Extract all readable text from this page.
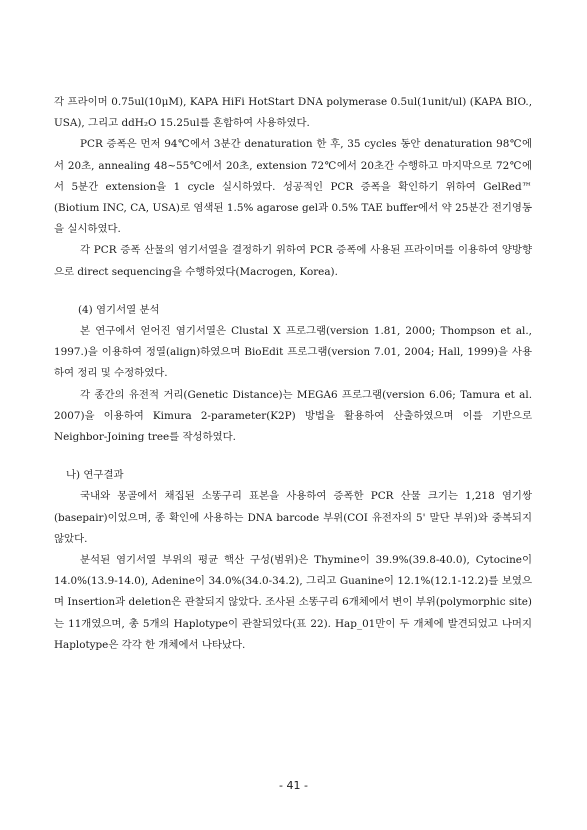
각 프라이머 0.75ul(10μM), KAPA HiFi HotStart DNA polymerase 0.5ul(1unit/ul) (KAPA BIO., USA), 그리고 ddH₂O 15.25ul를 혼합하여 사용하였다.

PCR 증폭은 먼저 94℃에서 3분간 denaturation 한 후, 35 cycles 동안 denaturation 98℃에서 20초, annealing 48~55℃에서 20초, extension 72℃에서 20초간 수행하고 마지막으로 72℃에서 5분간 extension을 1 cycle 실시하였다. 성공적인 PCR 증폭을 확인하기 위하여 GelRed™ (Biotium INC, CA, USA)로 염색된 1.5% agarose gel과 0.5% TAE buffer에서 약 25분간 전기영동을 실시하였다.

각 PCR 증폭 산물의 염기서열을 결정하기 위하여 PCR 증폭에 사용된 프라이머를 이용하여 양방향으로 direct sequencing을 수행하였다(Macrogen, Korea).

(4) 염기서열 분석

본 연구에서 얻어진 염기서열은 Clustal X 프로그램(version 1.81, 2000; Thompson et al., 1997.)을 이용하여 정열(align)하였으며 BioEdit 프로그램(version 7.01, 2004; Hall, 1999)을 사용하여 정리 및 수정하였다.

각 종간의 유전적 거리(Genetic Distance)는 MEGA6 프로그램(version 6.06; Tamura et al. 2007)을 이용하여 Kimura 2-parameter(K2P) 방법을 활용하여 산출하였으며 이를 기반으로 Neighbor-Joining tree를 작성하였다.

나) 연구결과

국내와 몽골에서 채집된 소똥구리 표본을 사용하여 증폭한 PCR 산물 크기는 1,218 염기쌍(basepair)이었으며, 종 확인에 사용하는 DNA barcode 부위(COI 유전자의 5' 말단 부위)와 중복되지 않았다.

분석된 염기서열 부위의 평균 핵산 구성(범위)은 Thymine이 39.9%(39.8-40.0), Cytocine이 14.0%(13.9-14.0), Adenine이 34.0%(34.0-34.2), 그리고 Guanine이 12.1%(12.1-12.2)를 보였으며 Insertion과 deletion은 관찰되지 않았다. 조사된 소똥구리 6개체에서 변이 부위(polymorphic site)는 11개였으며, 총 5개의 Haplotype이 관찰되었다(표 22). Hap_01만이 두 개체에 발견되었고 나머지 Haplotype은 각각 한 개체에서 나타났다.

- 41 -
